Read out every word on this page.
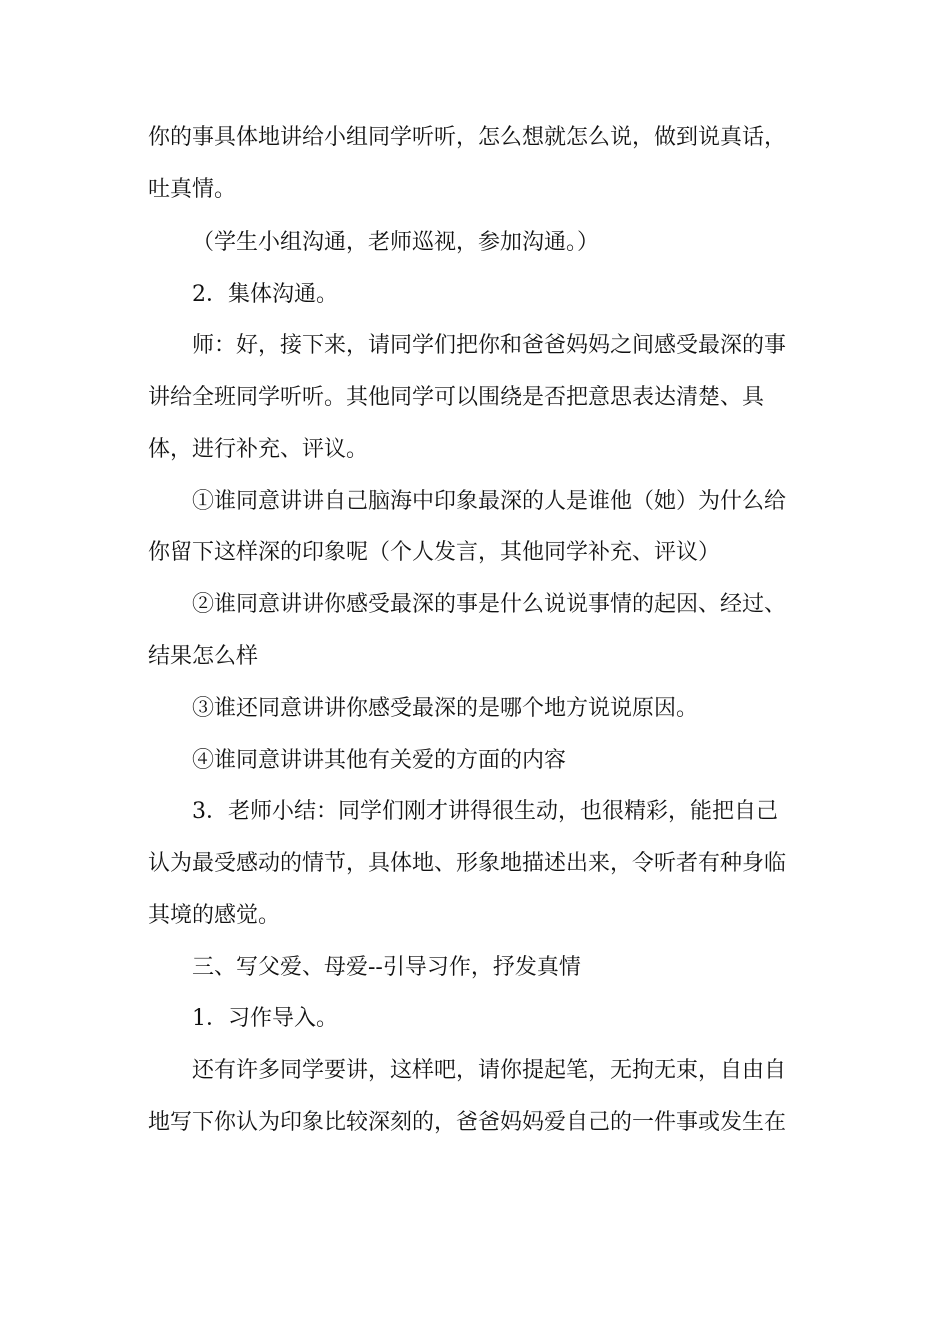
你的事具体地讲给小组同学听听，怎么想就怎么说，做到说真话，

吐真情。

（学生小组沟通，老师巡视，参加沟通。）

2．集体沟通。

师：好，接下来，请同学们把你和爸爸妈妈之间感受最深的事

讲给全班同学听听。其他同学可以围绕是否把意思表达清楚、具

体，进行补充、评议。

①谁同意讲讲自己脑海中印象最深的人是谁他（她）为什么给

你留下这样深的印象呢（个人发言，其他同学补充、评议）

②谁同意讲讲你感受最深的事是什么说说事情的起因、经过、

结果怎么样

③谁还同意讲讲你感受最深的是哪个地方说说原因。

④谁同意讲讲其他有关爱的方面的内容

3．老师小结：同学们刚才讲得很生动，也很精彩，能把自己

认为最受感动的情节，具体地、形象地描述出来，令听者有种身临

其境的感觉。

三、写父爱、母爱--引导习作，抒发真情

1．习作导入。

还有许多同学要讲，这样吧，请你提起笔，无拘无束，自由自

地写下你认为印象比较深刻的，爸爸妈妈爱自己的一件事或发生在
